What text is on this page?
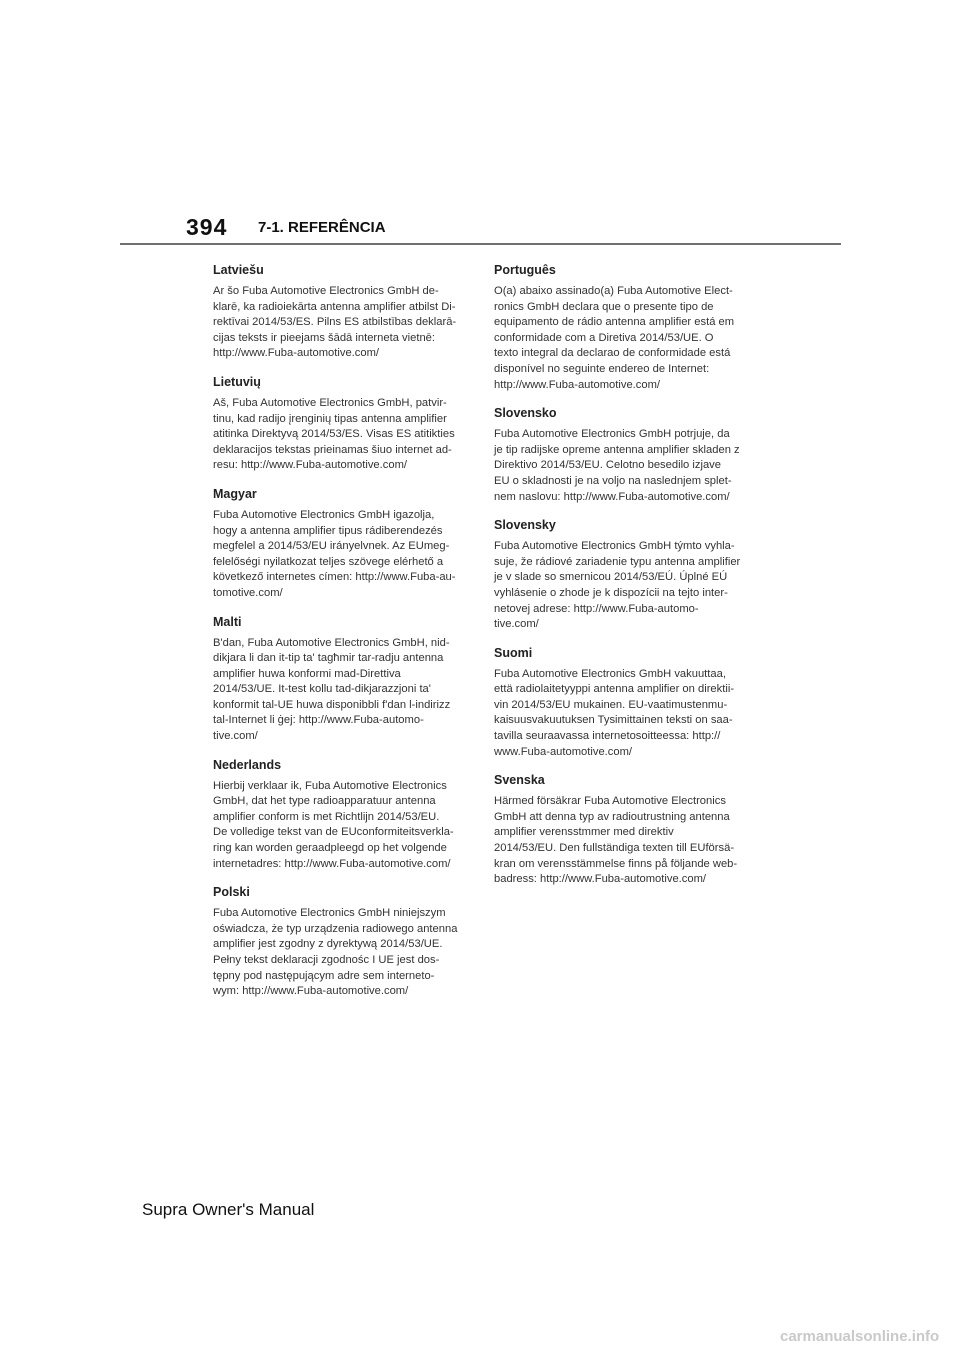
394 7-1. REFERÊNCIA
Latviešu

Ar šo Fuba Automotive Electronics GmbH de-
klarē, ka radioiekārta antenna amplifier atbilst Di-
rektīvai 2014/53/ES. Pilns ES atbilstības deklarā-
cijas teksts ir pieejams šādā interneta vietnē:
http://www.Fuba-automotive.com/

Lietuvių

Aš, Fuba Automotive Electronics GmbH, patvir-
tinu, kad radijo įrenginių tipas antenna amplifier
atitinka Direktyvą 2014/53/ES. Visas ES atitikties
deklaracijos tekstas prieinamas šiuo internet ad-
resu: http://www.Fuba-automotive.com/

Magyar

Fuba Automotive Electronics GmbH igazolja,
hogy a antenna amplifier tipus rádiberendezés
megfelel a 2014/53/EU irányelvnek. Az EUmeg-
felelőségi nyilatkozat teljes szövege elérhető a
következő internetes címen: http://www.Fuba-au-
tomotive.com/

Malti

B'dan, Fuba Automotive Electronics GmbH, nid-
dikjara li dan it-tip ta' tagħmir tar-radju antenna
amplifier huwa konformi mad-Direttiva
2014/53/UE. It-test kollu tad-dikjarazzjoni ta'
konformit tal-UE huwa disponibbli f'dan l-indirizz
tal-Internet li ġej: http://www.Fuba-automo-
tive.com/

Nederlands

Hierbij verklaar ik, Fuba Automotive Electronics
GmbH, dat het type radioapparatuur antenna
amplifier conform is met Richtlijn 2014/53/EU.
De volledige tekst van de EUconformiteitsverkla-
ring kan worden geraadpleegd op het volgende
internetadres: http://www.Fuba-automotive.com/

Polski

Fuba Automotive Electronics GmbH niniejszym
oświadcza, że typ urządzenia radiowego antenna
amplifier jest zgodny z dyrektywą 2014/53/UE.
Pełny tekst deklaracji zgodnośc I UE jest dos-
tępny pod następującym adre sem interneto-
wym: http://www.Fuba-automotive.com/

Português

O(a) abaixo assinado(a) Fuba Automotive Elect-
ronics GmbH declara que o presente tipo de
equipamento de rádio antenna amplifier está em
conformidade com a Diretiva 2014/53/UE. O
texto integral da declarao de conformidade está
disponível no seguinte endereo de Internet:
http://www.Fuba-automotive.com/

Slovensko

Fuba Automotive Electronics GmbH potrjuje, da
je tip radijske opreme antenna amplifier skladen z
Direktivo 2014/53/EU. Celotno besedilo izjave
EU o skladnosti je na voljo na naslednjem splet-
nem naslovu: http://www.Fuba-automotive.com/

Slovensky

Fuba Automotive Electronics GmbH týmto vyhla-
suje, že rádiové zariadenie typu antenna amplifier
je v slade so smernicou 2014/53/EÚ. Úplné EÚ
vyhlásenie o zhode je k dispozícii na tejto inter-
netovej adrese: http://www.Fuba-automo-
tive.com/

Suomi

Fuba Automotive Electronics GmbH vakuuttaa,
että radiolaitetyyppi antenna amplifier on direktii-
vin 2014/53/EU mukainen. EU-vaatimustenmu-
kaisuusvakuutuksen Tysimittainen teksti on saa-
tavilla seuraavassa internetosoitteessa: http://
www.Fuba-automotive.com/

Svenska

Härmed försäkrar Fuba Automotive Electronics
GmbH att denna typ av radioutrustning antenna
amplifier verensstmmer med direktiv
2014/53/EU. Den fullständiga texten till EUförsä-
kran om verensstämmelse finns på följande web-
badress: http://www.Fuba-automotive.com/

Supra Owner's Manual
carmanualsonline.info
